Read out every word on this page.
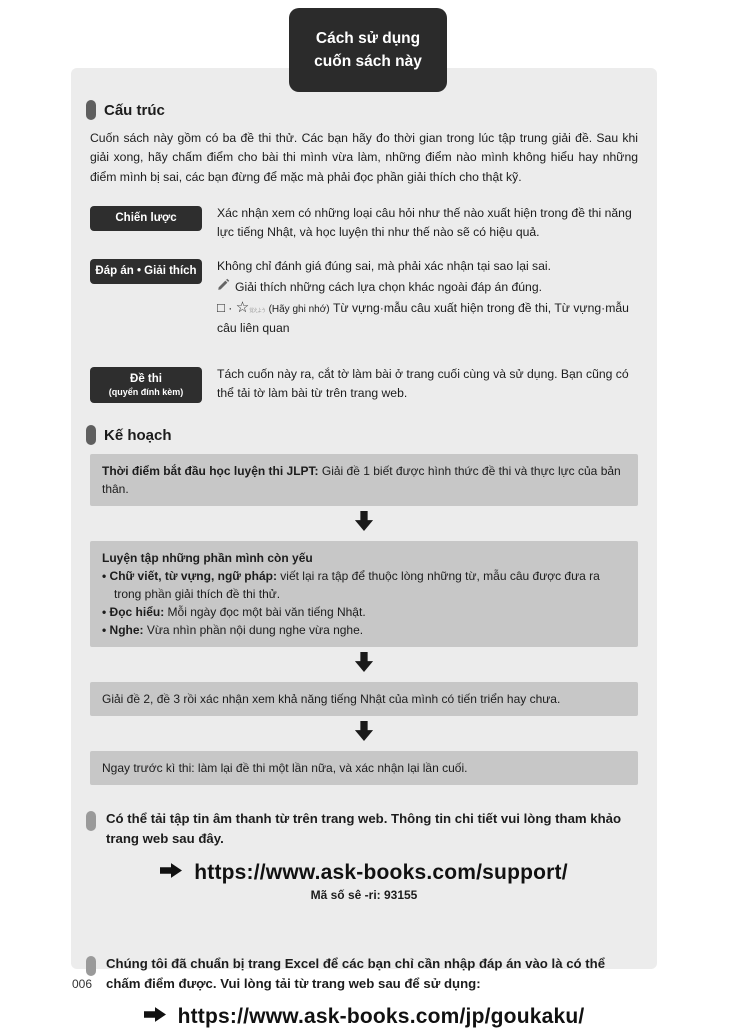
Cách sử dụng
cuốn sách này
Cấu trúc

Cuốn sách này gồm có ba đề thi thử. Các bạn hãy đo thời gian trong lúc tập trung giải đề. Sau khi giải xong, hãy chấm điểm cho bài thi mình vừa làm, những điểm nào mình không hiểu hay những điểm mình bị sai, các bạn đừng để mặc mà phải đọc phần giải thích cho thật kỹ.

Chiến lược	Xác nhận xem có những loại câu hỏi như thế nào xuất hiện trong đề thi năng lực tiếng Nhật, và học luyện thi như thế nào sẽ có hiệu quả.
Đáp án • Giải thích	Không chỉ đánh giá đúng sai, mà phải xác nhận tại sao lại sai.

Giải thích những cách lựa chọn khác ngoài đáp án đúng.

□ · ☆覚えよう (Hãy ghi nhớ) Từ vựng·mẫu câu xuất hiện trong đề thi, Từ vựng·mẫu câu liên quan

Đề thi
(quyển đính kèm)
Tách cuốn này ra, cắt tờ làm bài ở trang cuối cùng và sử dụng. Bạn cũng có thể tải tờ làm bài từ trên trang web.
Kế hoạch
Thời điểm bắt đầu học luyện thi JLPT: Giải đề 1 biết được hình thức đề thi và thực lực của bản thân.

Luyện tập những phần mình còn yếu

• Chữ viết, từ vựng, ngữ pháp: viết lại ra tập để thuộc lòng những từ, mẫu câu được đưa ra trong phần giải thích đề thi thử.

• Đọc hiểu: Mỗi ngày đọc một bài văn tiếng Nhật.

• Nghe: Vừa nhìn phần nội dung nghe vừa nghe.

Giải đề 2, đề 3 rồi xác nhận xem khả năng tiếng Nhật của mình có tiến triển hay chưa.
Ngay trước kì thi: làm lại đề thi một lần nữa, và xác nhận lại lần cuối.
Có thể tải tập tin âm thanh từ trên trang web. Thông tin chi tiết vui lòng tham khảo trang web sau đây.
https://www.ask-books.com/support/
Mã số sê -ri: 93155
Chúng tôi đã chuẩn bị trang Excel để các bạn chỉ cần nhập đáp án vào là có thể chấm điểm được. Vui lòng tải từ trang web sau để sử dụng:
https://www.ask-books.com/jp/goukaku/
006
